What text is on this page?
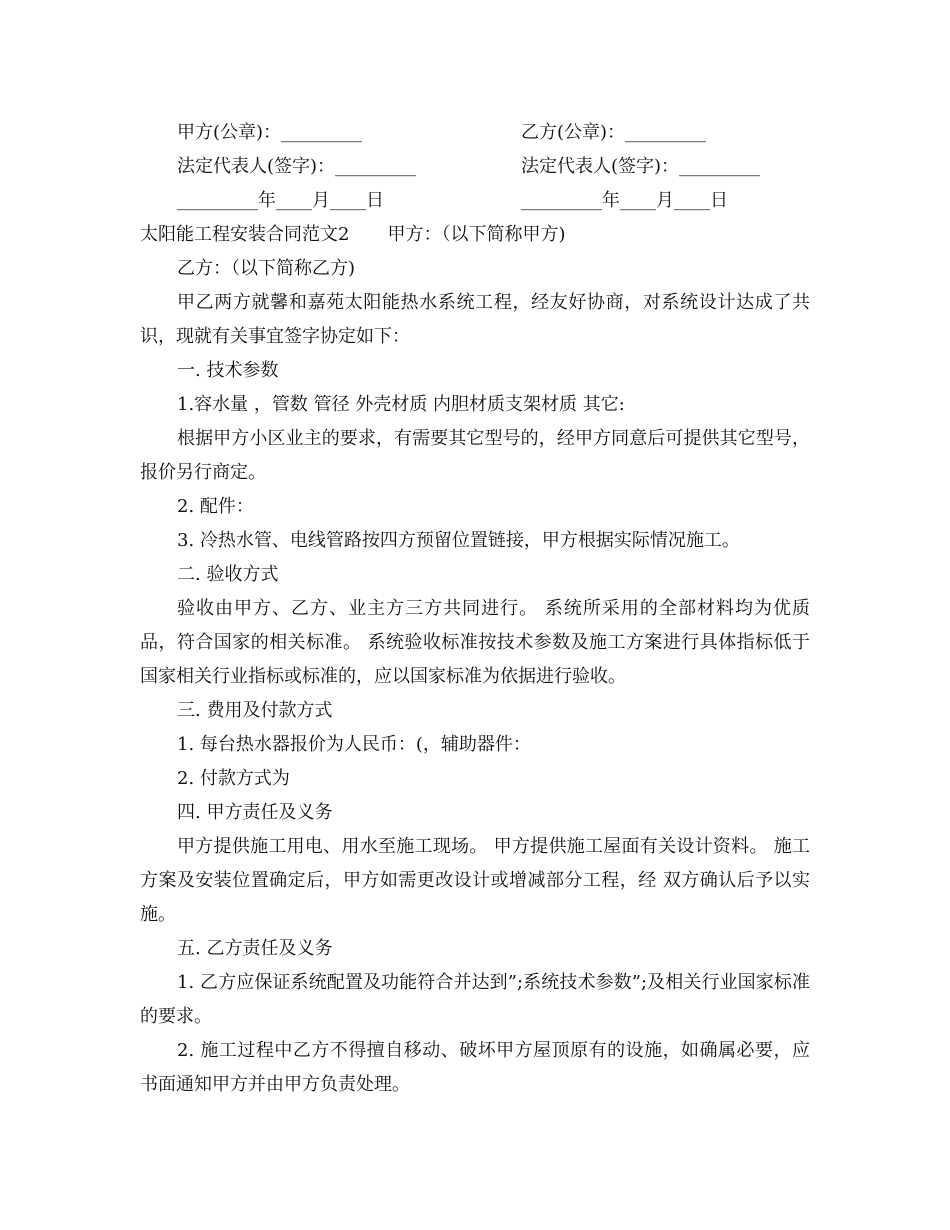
甲方(公章)：_________
法定代表人(签字)：_________
_________年____月____日
乙方(公章)：_________
法定代表人(签字)：_________
_________年____月____日

太阳能工程安装合同范文2 甲方：（以下简称甲方)

乙方：（以下简称乙方)

甲乙两方就馨和嘉苑太阳能热水系统工程，经友好协商，对系统设计达成了共识，现就有关事宜签字协定如下：

一. 技术参数

1.容水量 ，管数 管径 外壳材质 内胆材质支架材质 其它:

根据甲方小区业主的要求，有需要其它型号的，经甲方同意后可提供其它型号，报价另行商定。

2. 配件：

3. 冷热水管、电线管路按四方预留位置链接，甲方根据实际情况施工。

二. 验收方式

验收由甲方、乙方、业主方三方共同进行。 系统所采用的全部材料均为优质品，符合国家的相关标准。 系统验收标准按技术参数及施工方案进行具体指标低于国家相关行业指标或标准的，应以国家标准为依据进行验收。

三. 费用及付款方式

1. 每台热水器报价为人民币：(，辅助器件：

2. 付款方式为

四. 甲方责任及义务

甲方提供施工用电、用水至施工现场。 甲方提供施工屋面有关设计资料。 施工方案及安装位置确定后，甲方如需更改设计或增减部分工程，经 双方确认后予以实施。

五. 乙方责任及义务

1. 乙方应保证系统配置及功能符合并达到”;系统技术参数”;及相关行业国家标准的要求。

2. 施工过程中乙方不得擅自移动、破坏甲方屋顶原有的设施，如确属必要，应书面通知甲方并由甲方负责处理。
